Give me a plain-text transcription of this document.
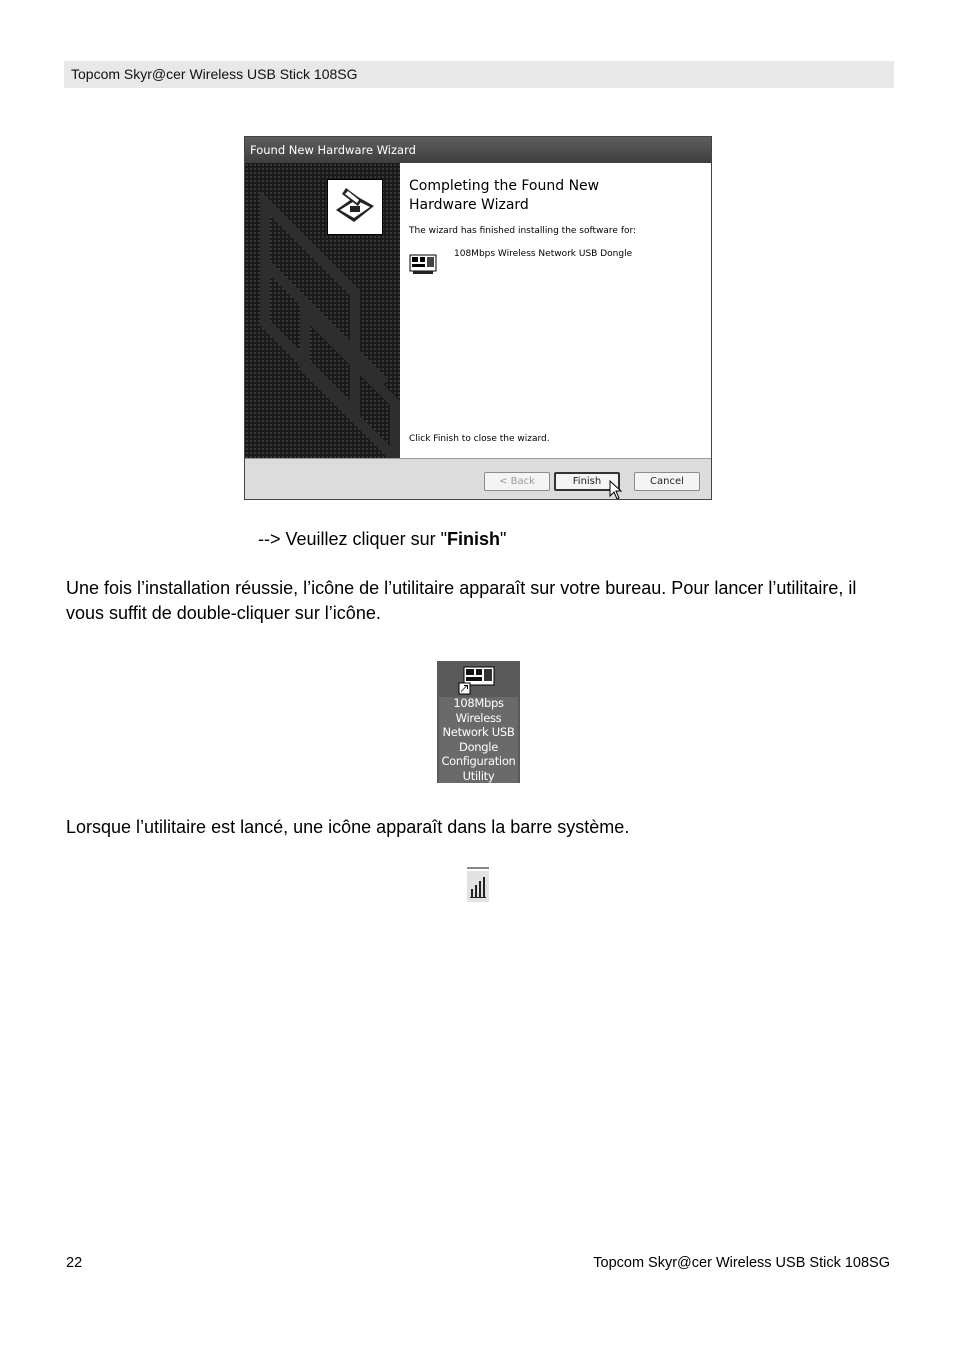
Topcom Skyr@cer Wireless USB Stick 108SG
Found New Hardware Wizard
Completing the Found New Hardware Wizard
The wizard has finished installing the software for:
108Mbps Wireless Network USB Dongle
Click Finish to close the wizard.
< Back	Finish	Cancel
--> Veuillez cliquer sur "Finish"
Une fois l’installation réussie, l’icône de l’utilitaire apparaît sur votre bureau. Pour lancer l’utilitaire, il vous suffit de double-cliquer sur l’icône.
108Mbps
Wireless
Network USB
Dongle
Configuration
Utility
Lorsque l’utilitaire est lancé, une icône apparaît dans la barre système.
22	Topcom Skyr@cer Wireless USB Stick 108SG
